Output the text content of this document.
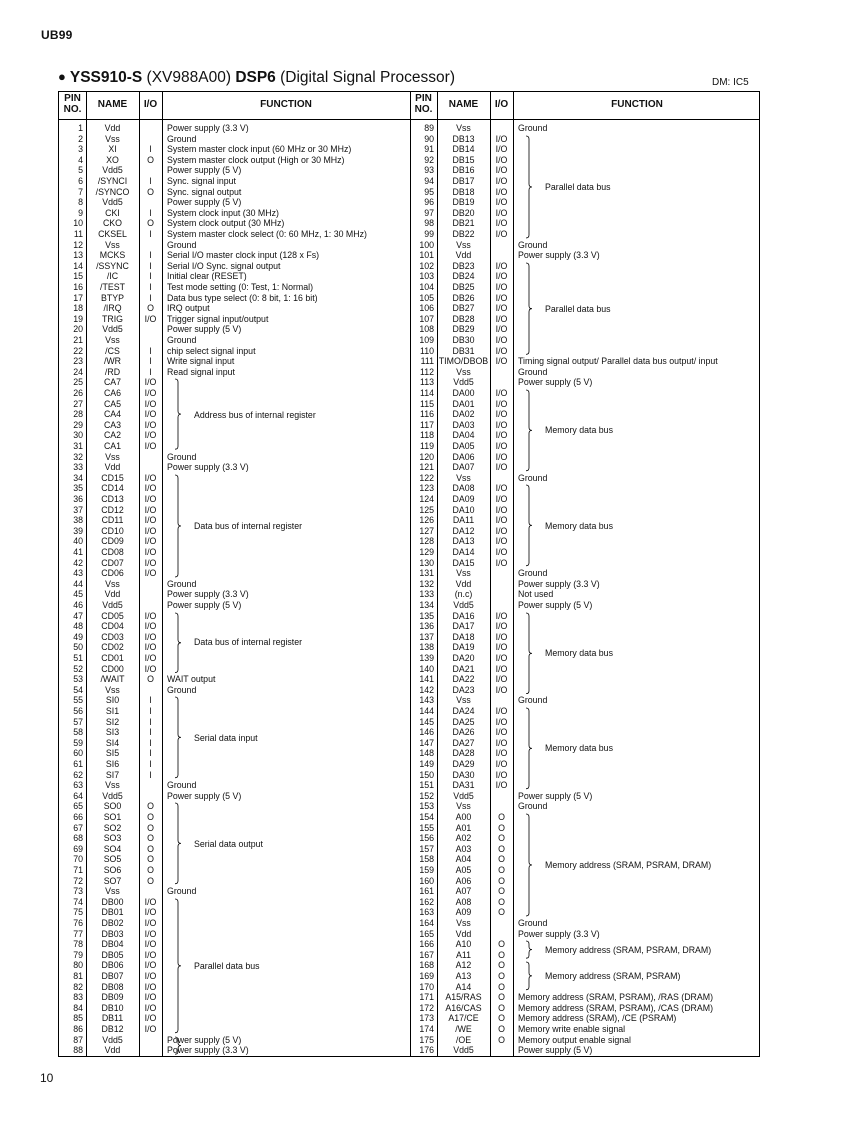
UB99
● YSS910-S (XV988A00) DSP6 (Digital Signal Processor)	DM: IC5
PIN
NO.	NAME	I/O	FUNCTION
PIN
NO.	NAME	I/O	FUNCTION
1	Vdd	Power supply (3.3 V)
2	Vss	Ground
3	XI	I	System master clock input (60 MHz or 30 MHz)
4	XO	O	System master clock output (High or 30 MHz)
5	Vdd5	Power supply (5 V)
6	/SYNCI	I	Sync. signal input
7	/SYNCO	O	Sync. signal output
8	Vdd5	Power supply (5 V)
9	CKI	I	System clock input (30 MHz)
10	CKO	O	System clock output (30 MHz)
11	CKSEL	I	System master clock select (0: 60 MHz, 1: 30 MHz)
12	Vss	Ground
13	MCKS	I	Serial I/O master clock input (128 x Fs)
14	/SSYNC	I	Serial I/O Sync. signal output
15	/IC	I	Initial clear (RESET)
16	/TEST	I	Test mode setting (0: Test, 1: Normal)
17	BTYP	I	Data bus type select (0: 8 bit, 1: 16 bit)
18	/IRQ	O	IRQ output
19	TRIG	I/O	Trigger signal input/output
20	Vdd5	Power supply (5 V)
21	Vss	Ground
22	/CS	I	chip select signal input
23	/WR	I	Write signal input
24	/RD	I	Read signal input
25	CA7	I/O
26	CA6	I/O
27	CA5	I/O
28	CA4	I/O
29	CA3	I/O
30	CA2	I/O
31	CA1	I/O
32	Vss	Ground
33	Vdd	Power supply (3.3 V)
34	CD15	I/O
35	CD14	I/O
36	CD13	I/O
37	CD12	I/O
38	CD11	I/O
39	CD10	I/O
40	CD09	I/O
41	CD08	I/O
42	CD07	I/O
43	CD06	I/O
44	Vss	Ground
45	Vdd	Power supply (3.3 V)
46	Vdd5	Power supply (5 V)
47	CD05	I/O
48	CD04	I/O
49	CD03	I/O
50	CD02	I/O
51	CD01	I/O
52	CD00	I/O
53	/WAIT	O	WAIT output
54	Vss	Ground
55	SI0	I
56	SI1	I
57	SI2	I
58	SI3	I
59	SI4	I
60	SI5	I
61	SI6	I
62	SI7	I
63	Vss	Ground
64	Vdd5	Power supply (5 V)
65	SO0	O
66	SO1	O
67	SO2	O
68	SO3	O
69	SO4	O
70	SO5	O
71	SO6	O
72	SO7	O
73	Vss	Ground
74	DB00	I/O
75	DB01	I/O
76	DB02	I/O
77	DB03	I/O
78	DB04	I/O
79	DB05	I/O
80	DB06	I/O
81	DB07	I/O
82	DB08	I/O
83	DB09	I/O
84	DB10	I/O
85	DB11	I/O
86	DB12	I/O
87	Vdd5	Power supply (5 V)
88	Vdd	Power supply (3.3 V)
89	Vss	Ground
90	DB13	I/O
91	DB14	I/O
92	DB15	I/O
93	DB16	I/O
94	DB17	I/O
95	DB18	I/O
96	DB19	I/O
97	DB20	I/O
98	DB21	I/O
99	DB22	I/O
100	Vss	Ground
101	Vdd	Power supply (3.3 V)
102	DB23	I/O
103	DB24	I/O
104	DB25	I/O
105	DB26	I/O
106	DB27	I/O
107	DB28	I/O
108	DB29	I/O
109	DB30	I/O
110	DB31	I/O
111 TIMO/DBOB I/O	Timing signal output/ Parallel data bus output/ input
112	Vss	Ground
113	Vdd5	Power supply (5 V)
114	DA00	I/O
115	DA01	I/O
116	DA02	I/O
117	DA03	I/O
118	DA04	I/O
119	DA05	I/O
120	DA06	I/O
121	DA07	I/O
122	Vss	Ground
123	DA08	I/O
124	DA09	I/O
125	DA10	I/O
126	DA11	I/O
127	DA12	I/O
128	DA13	I/O
129	DA14	I/O
130	DA15	I/O
131	Vss	Ground
132	Vdd	Power supply (3.3 V)
133	(n.c)	Not used
134	Vdd5	Power supply (5 V)
135	DA16	I/O
136	DA17	I/O
137	DA18	I/O
138	DA19	I/O
139	DA20	I/O
140	DA21	I/O
141	DA22	I/O
142	DA23	I/O
143	Vss	Ground
144	DA24	I/O
145	DA25	I/O
146	DA26	I/O
147	DA27	I/O
148	DA28	I/O
149	DA29	I/O
150	DA30	I/O
151	DA31	I/O
152	Vdd5	Power supply (5 V)
153	Vss	Ground
154	A00	O
155	A01	O
156	A02	O
157	A03	O
158	A04	O
159	A05	O
160	A06	O
161	A07	O
162	A08	O
163	A09	O
164	Vss	Ground
165	Vdd	Power supply (3.3 V)
166	A10	O
167	A11	O
168	A12	O
169	A13	O
170	A14	O
171	A15/RAS	O	Memory address (SRAM, PSRAM), /RAS (DRAM)
172	A16/CAS	O	Memory address (SRAM, PSRAM), /CAS (DRAM)
173	A17/CE	O	Memory address (SRAM), /CE (PSRAM)
174	/WE	O	Memory write enable signal
175	/OE	O	Memory output enable signal
176	Vdd5	Power supply (5 V)
Address bus of internal register
Data bus of internal register
Data bus of internal register
Serial data input
Serial data output
Parallel data bus
Parallel data bus
Parallel data bus
Memory data bus
Memory data bus
Memory data bus
Memory data bus
Memory address (SRAM, PSRAM, DRAM)
Memory address (SRAM, PSRAM, DRAM)
Memory address (SRAM, PSRAM)
10
